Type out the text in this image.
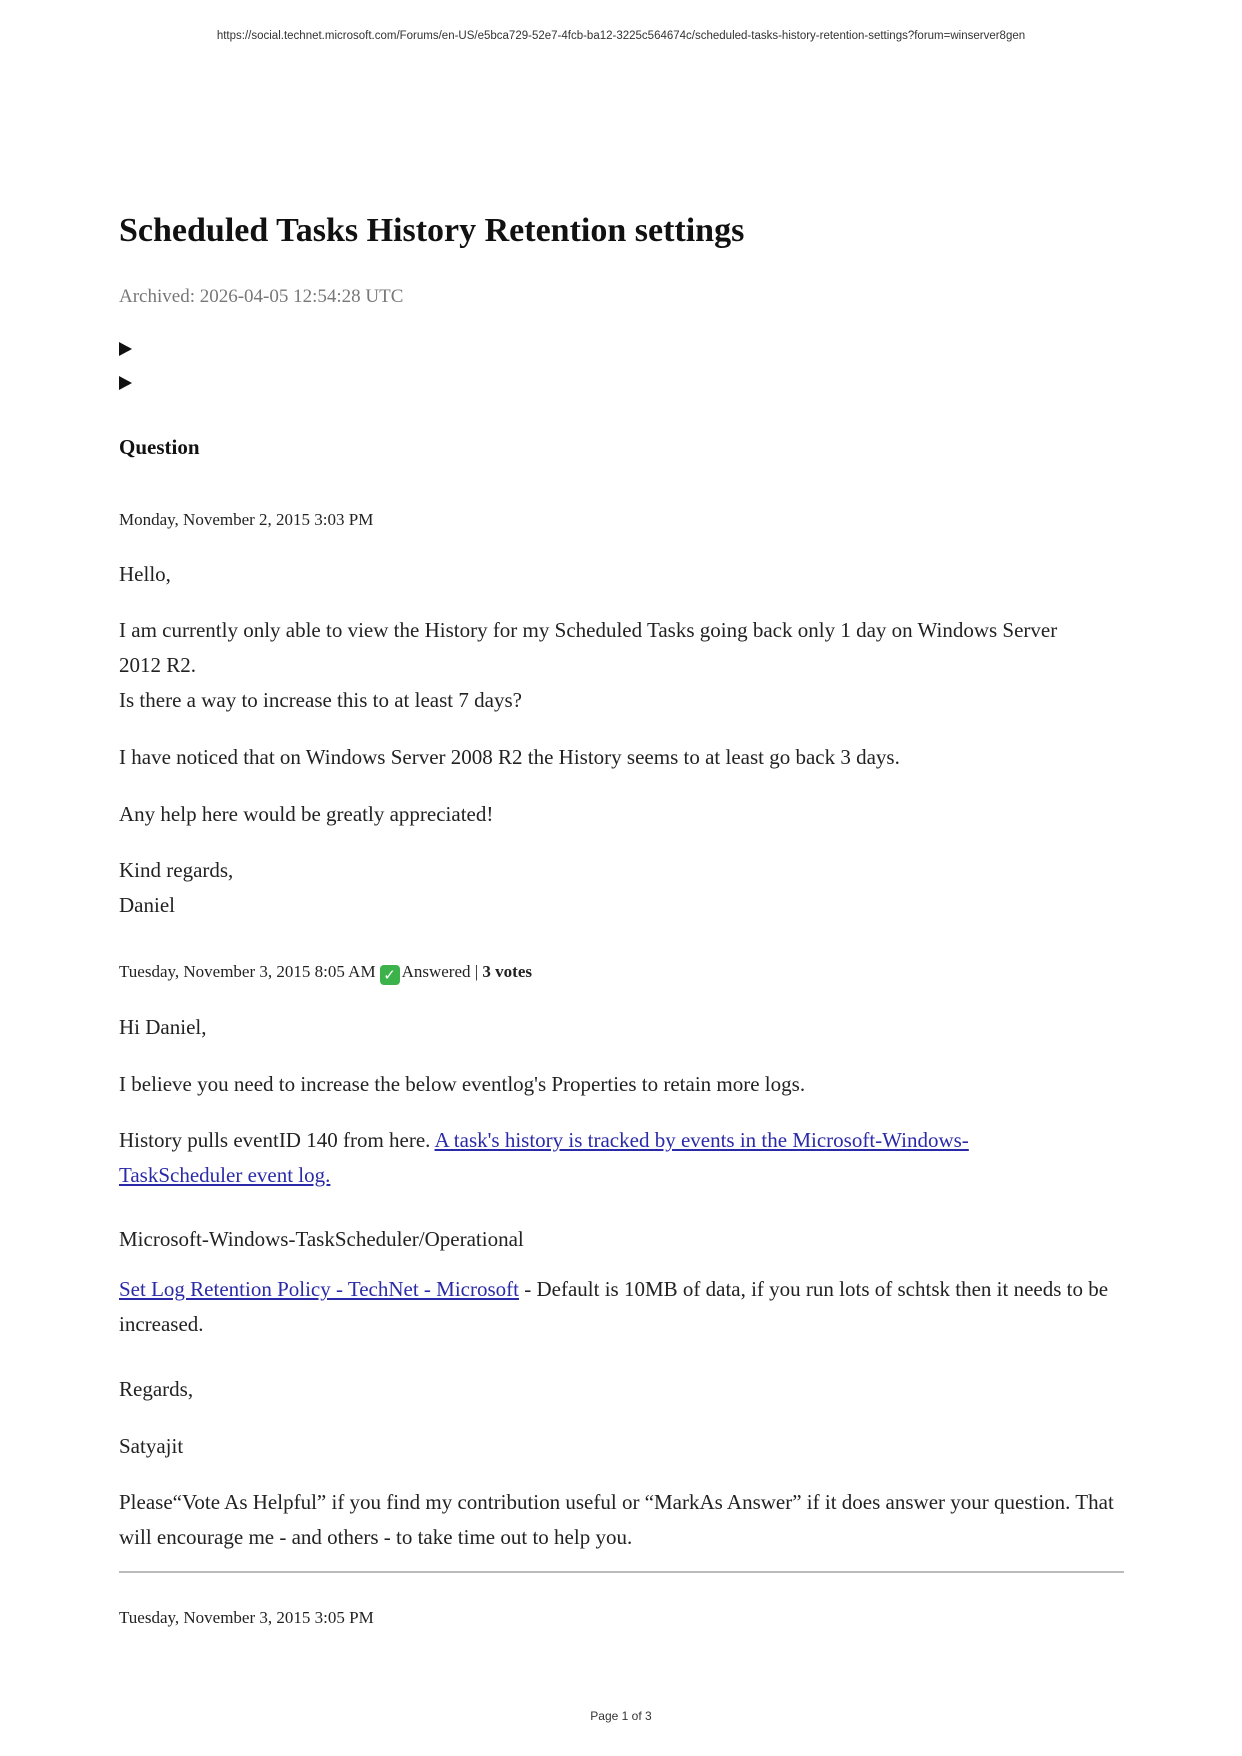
https://social.technet.microsoft.com/Forums/en-US/e5bca729-52e7-4fcb-ba12-3225c564674c/scheduled-tasks-history-retention-settings?forum=winserver8gen
Scheduled Tasks History Retention settings
Archived: 2026-04-05 12:54:28 UTC
Question
Monday, November 2, 2015 3:03 PM
Hello,
I am currently only able to view the History for my Scheduled Tasks going back only 1 day on Windows Server
2012 R2.
Is there a way to increase this to at least 7 days?
I have noticed that on Windows Server 2008 R2 the History seems to at least go back 3 days.
Any help here would be greatly appreciated!
Kind regards,
Daniel
Tuesday, November 3, 2015 8:05 AM ✓ Answered | 3 votes
Hi Daniel,
I believe you need to increase the below eventlog's Properties to retain more logs.
History pulls eventID 140 from here. A task's history is tracked by events in the Microsoft-Windows-TaskScheduler event log.
Microsoft-Windows-TaskScheduler/Operational
Set Log Retention Policy - TechNet - Microsoft - Default is 10MB of data, if you run lots of schtsk then it needs to be increased.
Regards,
Satyajit
Please“Vote As Helpful” if you find my contribution useful or “MarkAs Answer” if it does answer your question. That will encourage me - and others - to take time out to help you.
Tuesday, November 3, 2015 3:05 PM
Page 1 of 3
